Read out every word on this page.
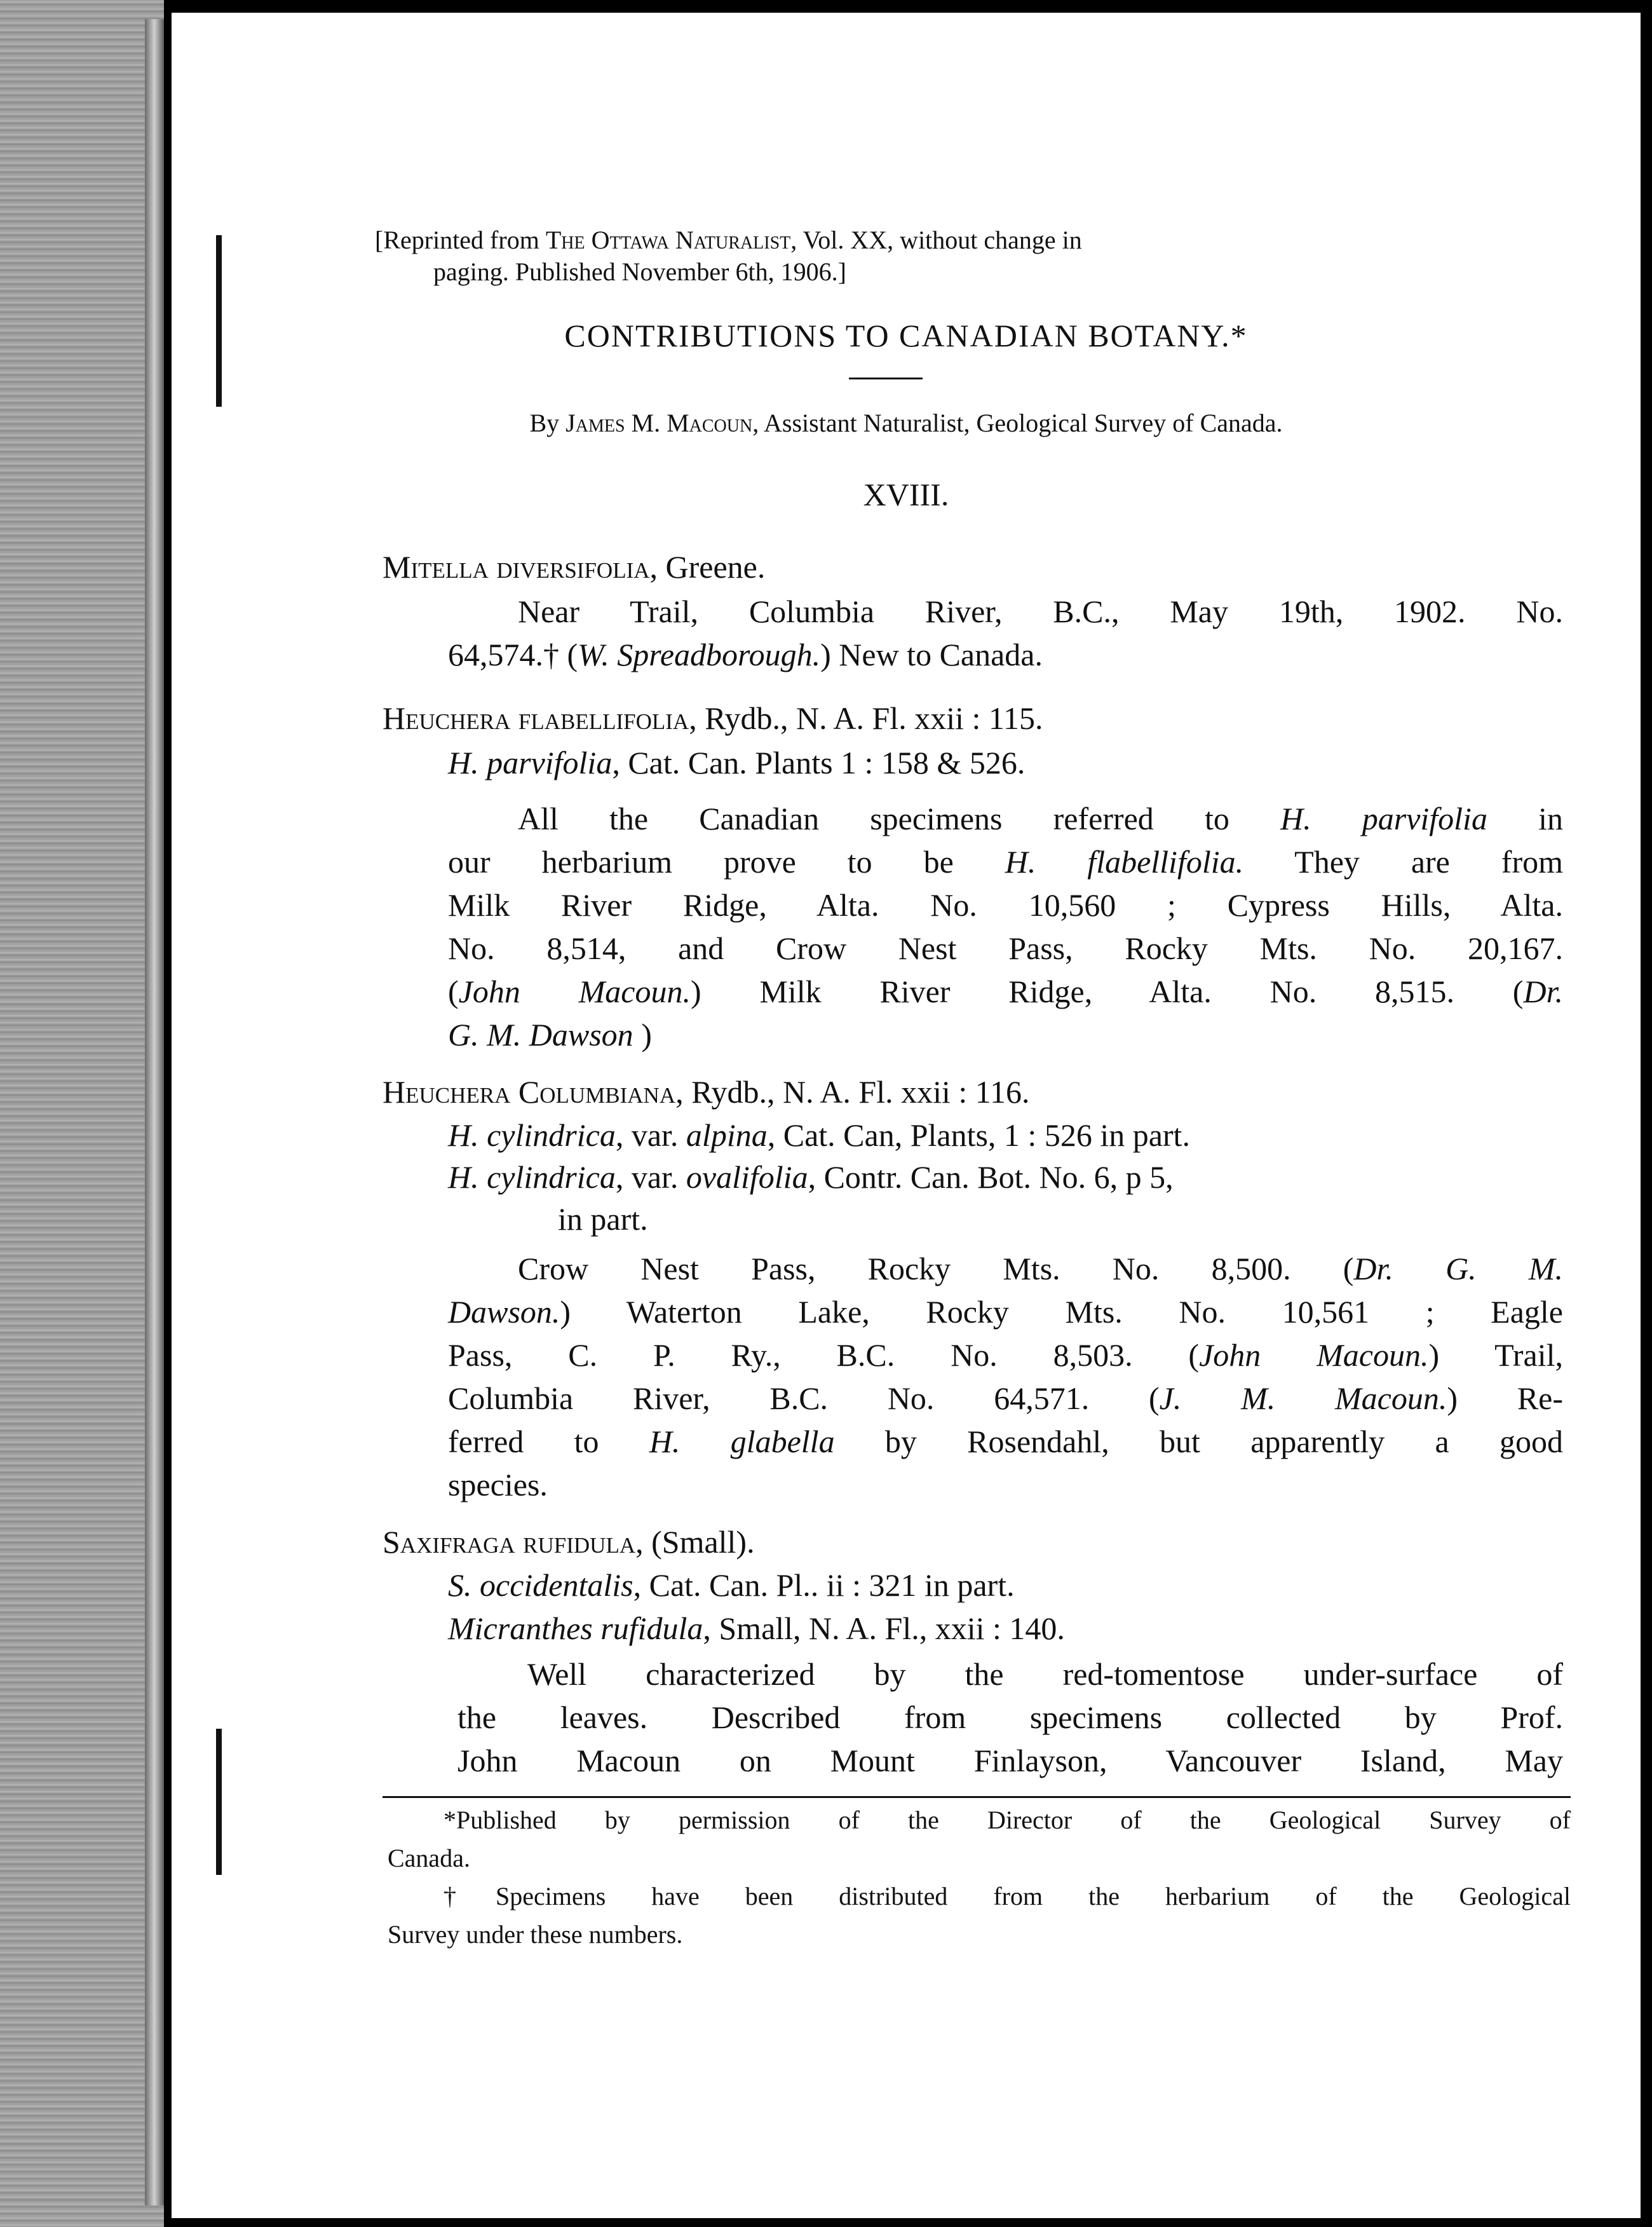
[Reprinted from The Ottawa Naturalist, Vol. XX, without change in
paging. Published November 6th, 1906.]
CONTRIBUTIONS TO CANADIAN BOTANY.*
By James M. Macoun, Assistant Naturalist, Geological Survey of Canada.
XVIII.
Mitella diversifolia, Greene.
Near Trail, Columbia River, B.C., May 19th, 1902. No.
64,574.† (W. Spreadborough.) New to Canada.
Heuchera flabellifolia, Rydb., N. A. Fl. xxii : 115.
H. parvifolia, Cat. Can. Plants 1 : 158 & 526.
All the Canadian specimens referred to H. parvifolia in
our herbarium prove to be H. flabellifolia. They are from
Milk River Ridge, Alta. No. 10,560 ; Cypress Hills, Alta.
No. 8,514, and Crow Nest Pass, Rocky Mts. No. 20,167.
(John Macoun.) Milk River Ridge, Alta. No. 8,515. (Dr.
G. M. Dawson )
Heuchera Columbiana, Rydb., N. A. Fl. xxii : 116.
H. cylindrica, var. alpina, Cat. Can, Plants, 1 : 526 in part.
H. cylindrica, var. ovalifolia, Contr. Can. Bot. No. 6, p 5,
in part.
Crow Nest Pass, Rocky Mts. No. 8,500. (Dr. G. M.
Dawson.) Waterton Lake, Rocky Mts. No. 10,561 ; Eagle
Pass, C. P. Ry., B.C. No. 8,503. (John Macoun.) Trail,
Columbia River, B.C. No. 64,571. (J. M. Macoun.) Re-
ferred to H. glabella by Rosendahl, but apparently a good
species.
Saxifraga rufidula, (Small).
S. occidentalis, Cat. Can. Pl.. ii : 321 in part.
Micranthes rufidula, Small, N. A. Fl., xxii : 140.
Well characterized by the red-tomentose under-surface of
the leaves. Described from specimens collected by Prof.
John Macoun on Mount Finlayson, Vancouver Island, May
*Published by permission of the Director of the Geological Survey of
Canada.
†Specimens have been distributed from the herbarium of the Geological
Survey under these numbers.
